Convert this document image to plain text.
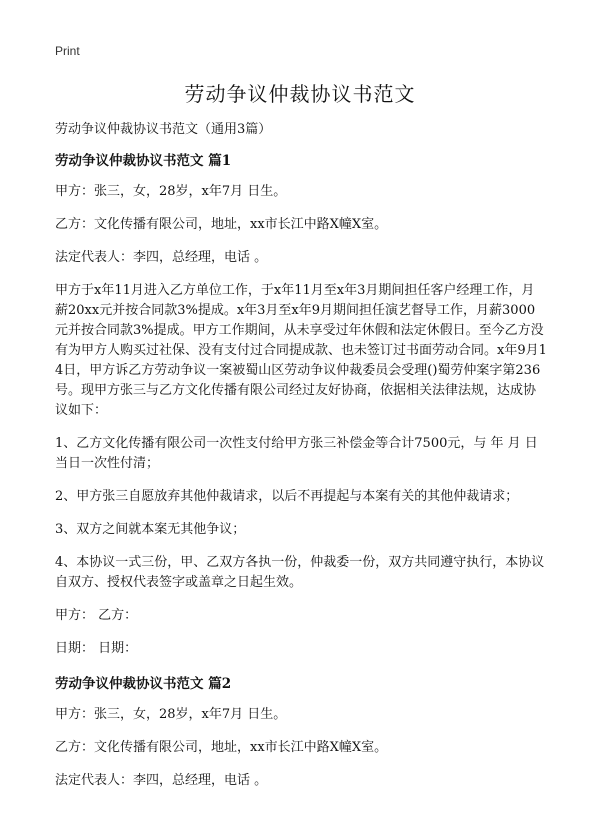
Print
劳动争议仲裁协议书范文

劳动争议仲裁协议书范文（通用3篇）

劳动争议仲裁协议书范文 篇1

甲方：张三，女，28岁，x年7月 日生。

乙方：文化传播有限公司，地址，xx市长江中路X幢X室。

法定代表人：李四，总经理，电话 。

甲方于x年11月进入乙方单位工作，于x年11月至x年3月期间担任客户经理工作，月薪20xx元并按合同款3%提成。x年3月至x年9月期间担任演艺督导工作，月薪3000元并按合同款3%提成。甲方工作期间，从未享受过年休假和法定休假日。至今乙方没有为甲方人购买过社保、没有支付过合同提成款、也未签订过书面劳动合同。x年9月14日，甲方诉乙方劳动争议一案被蜀山区劳动争议仲裁委员会受理()蜀劳仲案字第236号。现甲方张三与乙方文化传播有限公司经过友好协商，依据相关法律法规，达成协议如下：

1、乙方文化传播有限公司一次性支付给甲方张三补偿金等合计7500元，与 年 月 日当日一次性付清；

2、甲方张三自愿放弃其他仲裁请求，以后不再提起与本案有关的其他仲裁请求；

3、双方之间就本案无其他争议；

4、本协议一式三份，甲、乙双方各执一份，仲裁委一份，双方共同遵守执行，本协议自双方、授权代表签字或盖章之日起生效。

甲方： 乙方：

日期： 日期：

劳动争议仲裁协议书范文 篇2

甲方：张三，女，28岁，x年7月 日生。

乙方：文化传播有限公司，地址，xx市长江中路X幢X室。

法定代表人：李四，总经理，电话 。
